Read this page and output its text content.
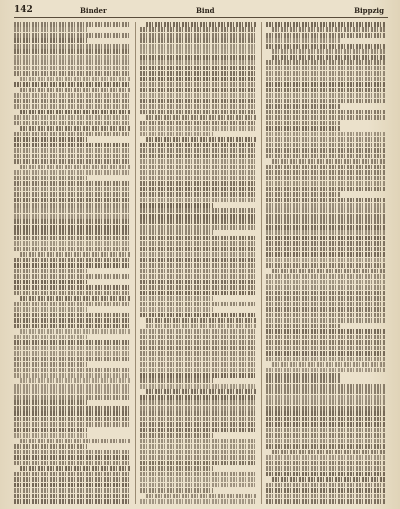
142	Binder	Bind	Bippzig
